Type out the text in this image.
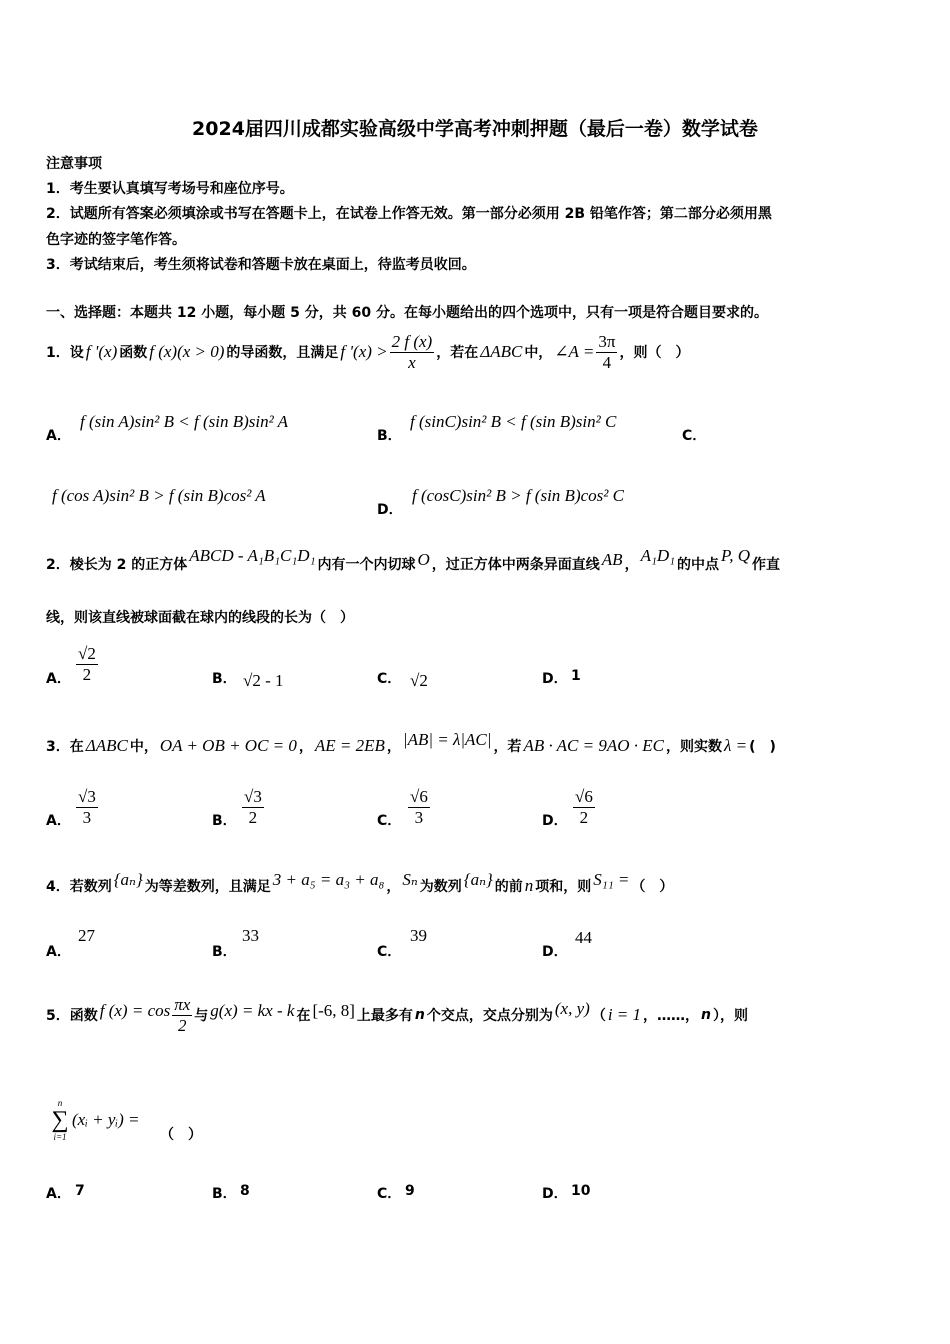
2024届四川成都实验高级中学高考冲刺押题（最后一卷）数学试卷
注意事项
1．考生要认真填写考场号和座位序号。
2．试题所有答案必须填涂或书写在答题卡上，在试卷上作答无效。第一部分必须用 2B 铅笔作答；第二部分必须用黑
色字迹的签字笔作答。
3．考试结束后，考生须将试卷和答题卡放在桌面上，待监考员收回。
一、选择题：本题共 12 小题，每小题 5 分，共 60 分。在每小题给出的四个选项中，只有一项是符合题目要求的。
1．设 f '(x) 函数 f (x)(x > 0) 的导函数，且满足 f '$(x) > \frac{2 f (x)}{x}$ ，若在 ΔABC 中， ∠A = $\frac{3\pi}{4}$ ，则（　）
A．
f (sin A)sin² B < f (sin B)sin² A
B．
f (sinC)sin² B < f (sin B)sin² C
C．
f (cos A)sin² B > f (sin B)cos² A
D．
f (cosC)sin² B > f (sin B)cos² C
2．棱长为 2 的正方体 ABCD - A₁B₁C₁D₁ 内有一个内切球 O ，过正方体中两条异面直线 AB ， A₁D₁ 的中点 P, Q 作直
线，则该直线被球面截在球内的线段的长为（　）
A． $\frac{√2}{2}$	B． √2 - 1	C． √2	D． 1
3．在 ΔABC 中， OA + OB + OC = 0 ， AE = 2EB ， |AB| = λ|AC| ，若 AB · AC = 9AO · EC ，则实数 λ = (　)
A． $\frac{√3}{3}$	B． $\frac{√3}{2}$	C． $\frac{√6}{3}$	D． $\frac{√6}{2}$
4．若数列 {aₙ} 为等差数列，且满足 3 + a₅ = a₃ + a₈ ， Sₙ 为数列 {aₙ} 的前 n 项和，则 S₁₁ = （　）
A．
27
B．
33
C．
39
D．
44
5．函数 f $(x) = \cos \frac{\pi x}{2}$ 与 g(x) = kx - k 在 [-6, 8] 上最多有 n 个交点，交点分别为 (x, y) （ i = 1 ，……， n ），则
n
∑
i=1
(xᵢ + yᵢ) =
（　）
A． 7	B． 8	C． 9	D． 10
